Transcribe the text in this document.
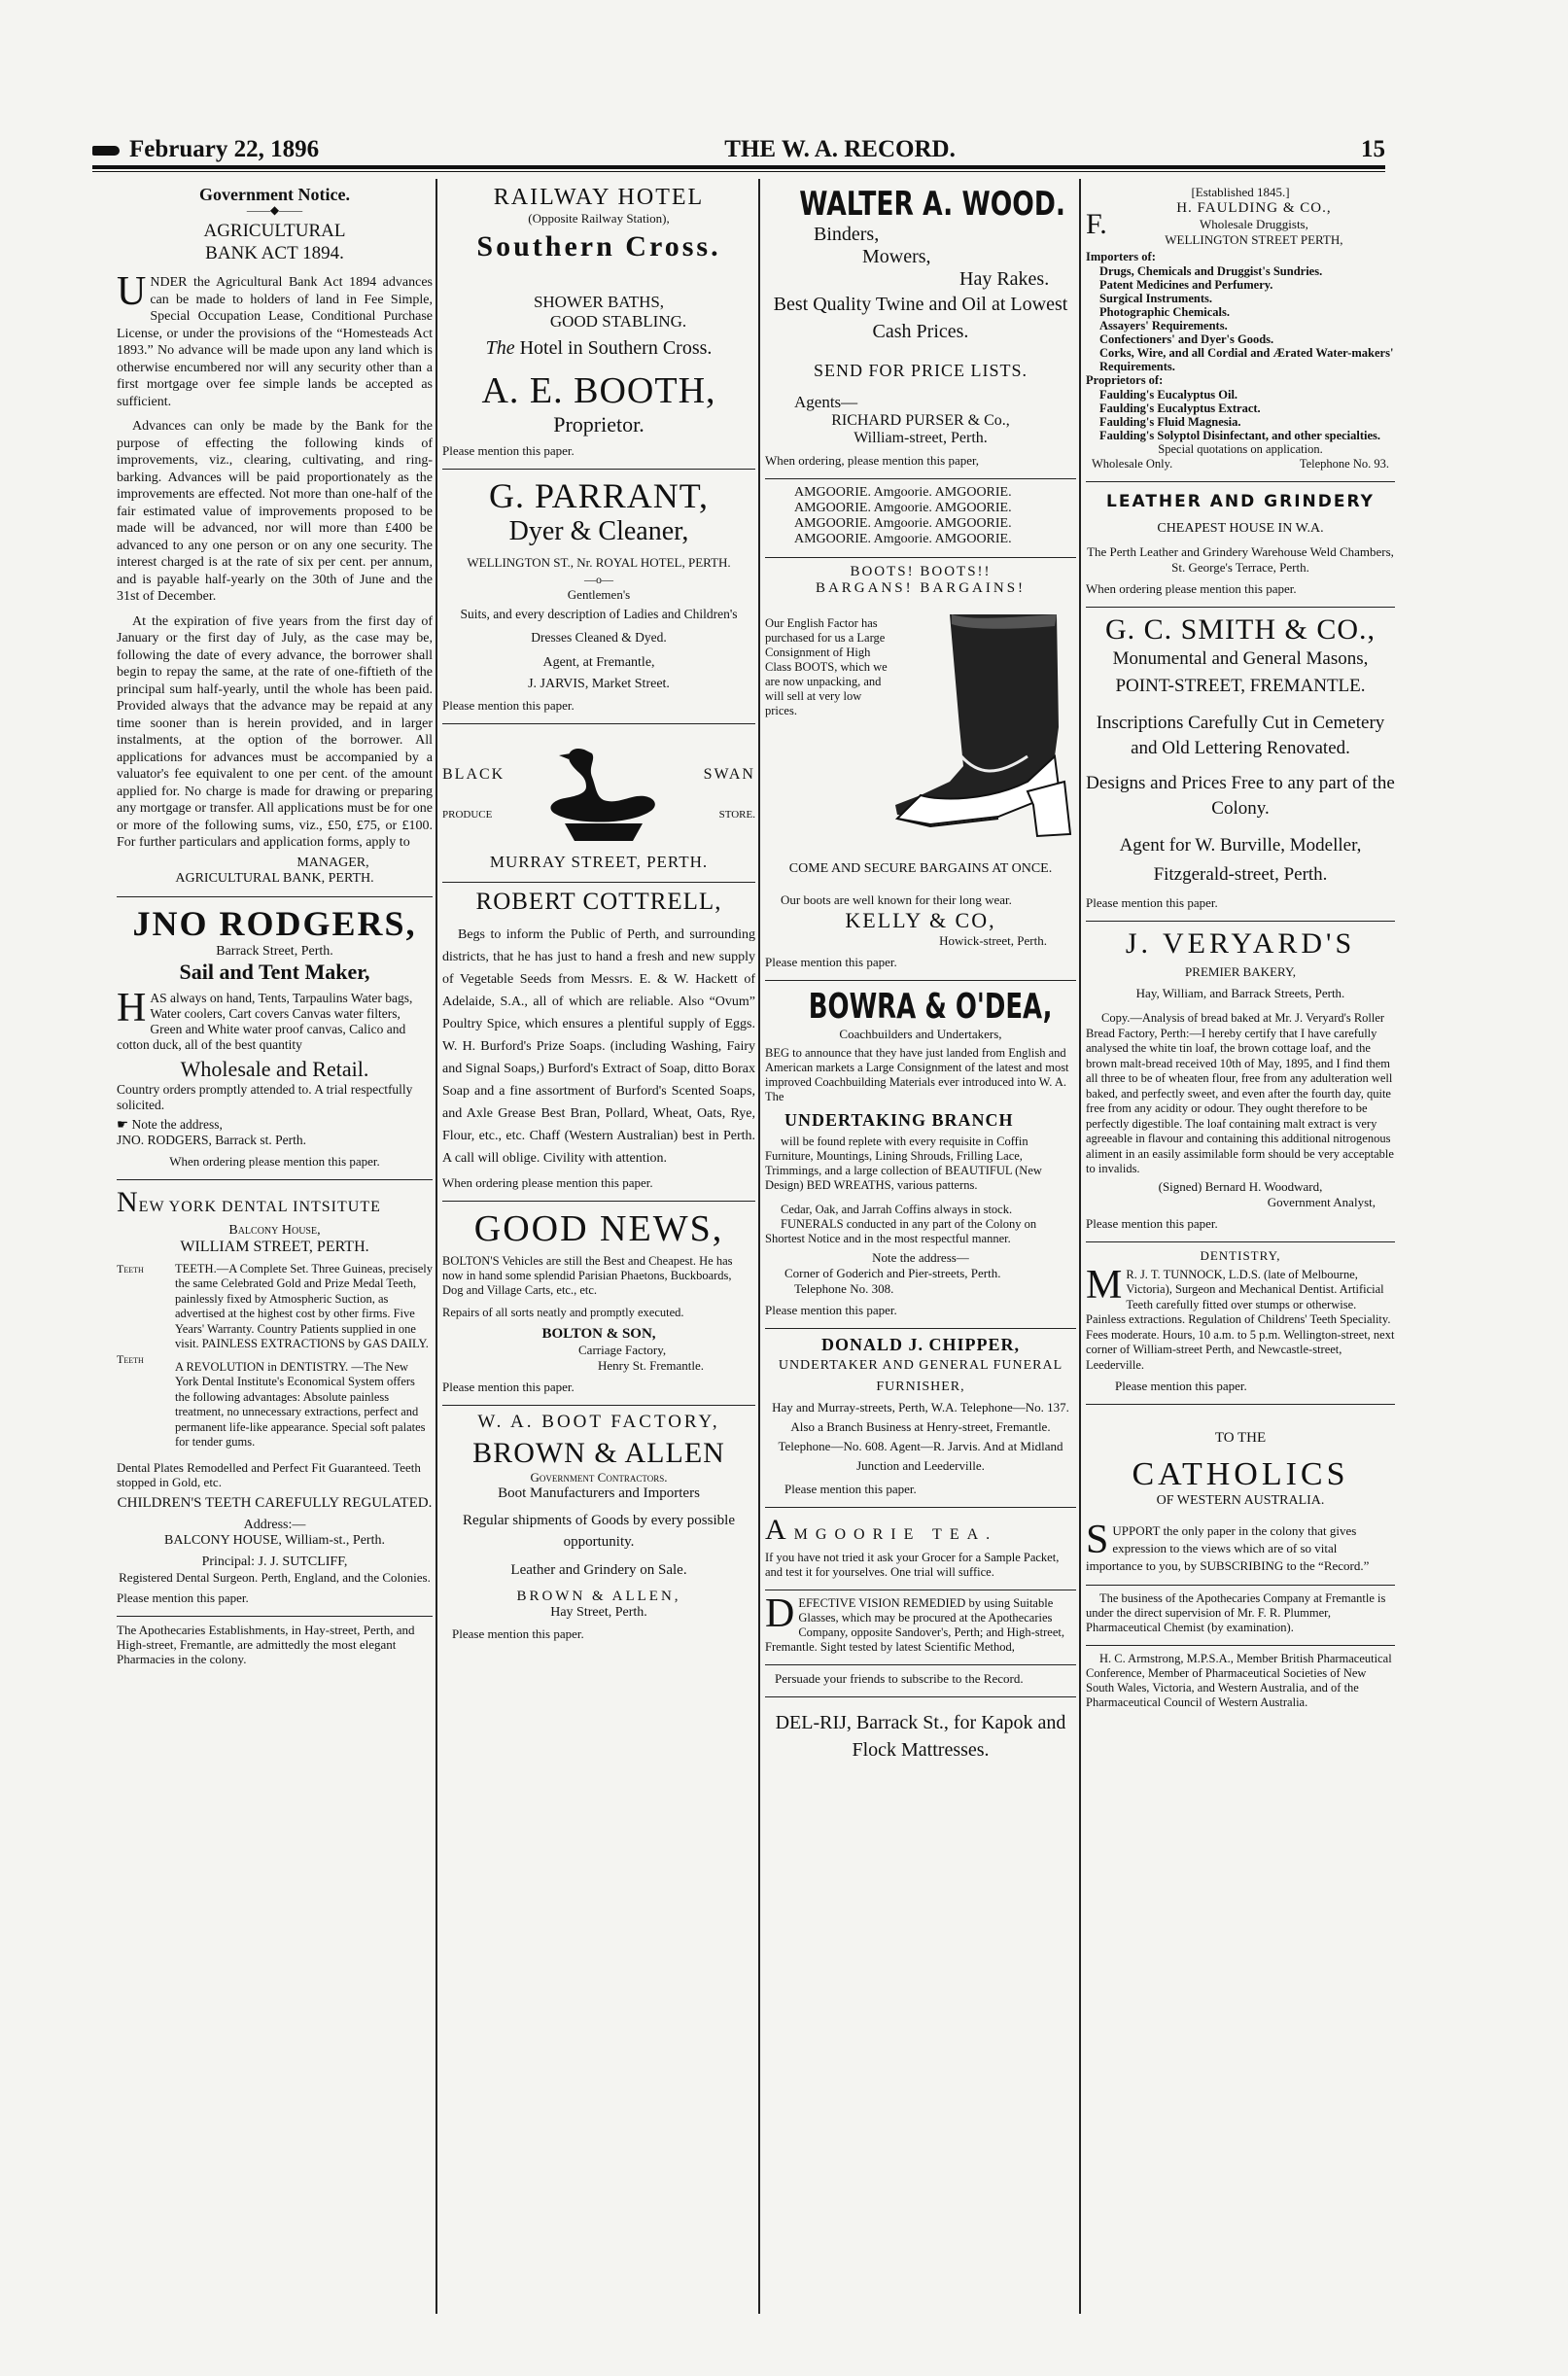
February 22, 1896	THE W. A. RECORD.	15
Government Notice.
——◆——
AGRICULTURAL BANK ACT 1894.
UNDER the Agricultural Bank Act 1894 advances can be made to holders of land in Fee Simple, Special Occupation Lease, Conditional Purchase License, or under the provisions of the “Homesteads Act 1893.” No advance will be made upon any land which is otherwise encumbered nor will any security other than a first mortgage over fee simple lands be accepted as sufficient.
Advances can only be made by the Bank for the purpose of effecting the following kinds of improvements, viz., clearing, cultivating, and ring-barking. Advances will be paid proportionately as the improvements are effected. Not more than one-half of the fair estimated value of improvements proposed to be made will be advanced, nor will more than £400 be advanced to any one person or on any one security. The interest charged is at the rate of six per cent. per annum, and is payable half-yearly on the 30th of June and the 31st of December.
At the expiration of five years from the first day of January or the first day of July, as the case may be, following the date of every advance, the borrower shall begin to repay the same, at the rate of one-fiftieth of the principal sum half-yearly, until the whole has been paid. Provided always that the advance may be repaid at any time sooner than is herein provided, and in larger instalments, at the option of the borrower. All applications for advances must be accompanied by a valuator's fee equivalent to one per cent. of the amount applied for. No charge is made for drawing or preparing any mortgage or transfer. All applications must be for one or more of the following sums, viz., £50, £75, or £100. For further particulars and application forms, apply to
MANAGER,
AGRICULTURAL BANK, PERTH.
JNO RODGERS,
Barrack Street, Perth.
Sail and Tent Maker,
HAS always on hand, Tents, Tarpaulins Water bags, Water coolers, Cart covers Canvas water filters, Green and White water proof canvas, Calico and cotton duck, all of the best quantity
Wholesale and Retail.
Country orders promptly attended to. A trial respectfully solicited.
☛ Note the address,
JNO. RODGERS, Barrack st. Perth.
When ordering please mention this paper.
NEW YORK DENTAL INTSITUTE
Balcony House,
WILLIAM STREET, PERTH.
Teeth	TEETH.—A Complete Set. Three Guineas, precisely the same Celebrated Gold and Prize Medal Teeth, painlessly fixed by Atmospheric Suction, as advertised at the highest cost by other firms. Five Years' Warranty. Country Patients supplied in one visit. PAINLESS EXTRACTIONS by GAS DAILY.
Teeth	A REVOLUTION in DENTISTRY. —The New York Dental Institute's Economical System offers the following advantages: Absolute painless treatment, no unnecessary extractions, perfect and permanent life-like appearance. Special soft palates for tender gums.
Dental Plates Remodelled and Perfect Fit Guaranteed. Teeth stopped in Gold, etc.
CHILDREN'S TEETH CAREFULLY REGULATED.
Address:—
BALCONY HOUSE, William-st., Perth.
Principal: J. J. SUTCLIFF,
Registered Dental Surgeon. Perth, England, and the Colonies.
Please mention this paper.
The Apothecaries Establishments, in Hay-street, Perth, and High-street, Fremantle, are admittedly the most elegant Pharmacies in the colony.
RAILWAY HOTEL
(Opposite Railway Station),
Southern Cross.
SHOWER BATHS,
GOOD STABLING.
The Hotel in Southern Cross.
A. E. BOOTH,
Proprietor.
Please mention this paper.
G. PARRANT,
Dyer & Cleaner,
WELLINGTON ST., Nr. ROYAL HOTEL, PERTH.
—o—
Gentlemen's
Suits, and every description of Ladies and Children's Dresses Cleaned & Dyed.
Agent, at Fremantle,
J. JARVIS, Market Street.
Please mention this paper.
BLACK
PRODUCE
SWAN
STORE.
MURRAY STREET, PERTH.
ROBERT COTTRELL,
Begs to inform the Public of Perth, and surrounding districts, that he has just to hand a fresh and new supply of Vegetable Seeds from Messrs. E. & W. Hackett of Adelaide, S.A., all of which are reliable. Also “Ovum” Poultry Spice, which ensures a plentiful supply of Eggs. W. H. Burford's Prize Soaps. (including Washing, Fairy and Signal Soaps,) Burford's Extract of Soap, ditto Borax Soap and a fine assortment of Burford's Scented Soaps, and Axle Grease Best Bran, Pollard, Wheat, Oats, Rye, Flour, etc., etc. Chaff (Western Australian) best in Perth. A call will oblige. Civility with attention.
When ordering please mention this paper.
GOOD NEWS,
BOLTON'S Vehicles are still the Best and Cheapest. He has now in hand some splendid Parisian Phaetons, Buckboards, Dog and Village Carts, etc., etc.
Repairs of all sorts neatly and promptly executed.
BOLTON & SON,
Carriage Factory,
Henry St. Fremantle.
Please mention this paper.
W. A. BOOT FACTORY,
BROWN & ALLEN
Government Contractors.
Boot Manufacturers and Importers
Regular shipments of Goods by every possible opportunity.
Leather and Grindery on Sale.
BROWN & ALLEN,
Hay Street, Perth.
Please mention this paper.
WALTER A. WOOD.
Binders,
Mowers,
Hay Rakes.
Best Quality Twine and Oil at Lowest Cash Prices.
SEND FOR PRICE LISTS.
Agents—
RICHARD PURSER & Co.,
William-street, Perth.
When ordering, please mention this paper,
AMGOORIE. Amgoorie. AMGOORIE.
AMGOORIE. Amgoorie. AMGOORIE.
AMGOORIE. Amgoorie. AMGOORIE.
AMGOORIE. Amgoorie. AMGOORIE.
BOOTS! BOOTS!!
BARGANS! BARGAINS!
Our English Factor has purchased for us a Large Consignment of High Class BOOTS, which we are now unpacking, and will sell at very low prices.
COME AND SECURE BARGAINS AT ONCE.
Our boots are well known for their long wear.
KELLY & CO,
Howick-street, Perth.
Please mention this paper.
BOWRA & O'DEA,
Coachbuilders and Undertakers,
BEG to announce that they have just landed from English and American markets a Large Consignment of the latest and most improved Coachbuilding Materials ever introduced into W. A. The
UNDERTAKING BRANCH
will be found replete with every requisite in Coffin Furniture, Mountings, Lining Shrouds, Frilling Lace, Trimmings, and a large collection of BEAUTIFUL (New Design) BED WREATHS, various patterns.
Cedar, Oak, and Jarrah Coffins always in stock.
FUNERALS conducted in any part of the Colony on Shortest Notice and in the most respectful manner.
Note the address—
Corner of Goderich and Pier-streets, Perth.
Telephone No. 308.
Please mention this paper.
DONALD J. CHIPPER,
UNDERTAKER AND GENERAL FUNERAL FURNISHER,
Hay and Murray-streets, Perth, W.A. Telephone—No. 137. Also a Branch Business at Henry-street, Fremantle. Telephone—No. 608. Agent—R. Jarvis. And at Midland Junction and Leederville.
Please mention this paper.
AMGOORIE TEA.
If you have not tried it ask your Grocer for a Sample Packet, and test it for yourselves. One trial will suffice.
DEFECTIVE VISION REMEDIED by using Suitable Glasses, which may be procured at the Apothecaries Company, opposite Sandover's, Perth; and High-street, Fremantle. Sight tested by latest Scientific Method,
Persuade your friends to subscribe to the Record.
DEL-RIJ, Barrack St., for Kapok and Flock Mattresses.
[Established 1845.]
F.	H. FAULDING & CO.,
Wholesale Druggists,
WELLINGTON STREET PERTH,
Importers of:
Drugs, Chemicals and Druggist's Sundries.
Patent Medicines and Perfumery.
Surgical Instruments.
Photographic Chemicals.
Assayers' Requirements.
Confectioners' and Dyer's Goods.
Corks, Wire, and all Cordial and Ærated Water-makers' Requirements.
Proprietors of:
Faulding's Eucalyptus Oil.
Faulding's Eucalyptus Extract.
Faulding's Fluid Magnesia.
Faulding's Solyptol Disinfectant, and other specialties.
Special quotations on application.
Wholesale Only.	Telephone No. 93.
LEATHER AND GRINDERY
CHEAPEST HOUSE IN W.A.
The Perth Leather and Grindery Warehouse Weld Chambers, St. George's Terrace, Perth.
When ordering please mention this paper.
G. C. SMITH & CO.,
Monumental and General Masons,
POINT-STREET, FREMANTLE.
Inscriptions Carefully Cut in Cemetery and Old Lettering Renovated.
Designs and Prices Free to any part of the Colony.
Agent for W. Burville, Modeller, Fitzgerald-street, Perth.
Please mention this paper.
J. VERYARD'S
PREMIER BAKERY,
Hay, William, and Barrack Streets, Perth.
Copy.—Analysis of bread baked at Mr. J. Veryard's Roller Bread Factory, Perth:—I hereby certify that I have carefully analysed the white tin loaf, the brown cottage loaf, and the brown malt-bread received 10th of May, 1895, and I find them all three to be of wheaten flour, free from any adulteration well baked, and perfectly sweet, and even after the fourth day, quite free from any acidity or odour. They ought therefore to be perfectly digestible. The loaf containing malt extract is very agreeable in flavour and containing this additional nitrogenous aliment in an easily assimilable form should be very acceptable to invalids.
(Signed) Bernard H. Woodward,
Government Analyst,
Please mention this paper.
DENTISTRY,
M R. J. T. TUNNOCK, L.D.S. (late of Melbourne, Victoria), Surgeon and Mechanical Dentist. Artificial Teeth carefully fitted over stumps or otherwise. Painless extractions. Regulation of Childrens' Teeth Speciality. Fees moderate. Hours, 10 a.m. to 5 p.m. Wellington-street, next corner of William-street Perth, and Newcastle-street, Leederville.
Please mention this paper.
TO THE
CATHOLICS
OF WESTERN AUSTRALIA.
SUPPORT the only paper in the colony that gives expression to the views which are of so vital importance to you, by SUBSCRIBING to the “Record.”
The business of the Apothecaries Company at Fremantle is under the direct supervision of Mr. F. R. Plummer, Pharmaceutical Chemist (by examination).
H. C. Armstrong, M.P.S.A., Member British Pharmaceutical Conference, Member of Pharmaceutical Societies of New South Wales, Victoria, and Western Australia, and of the Pharmaceutical Council of Western Australia.
